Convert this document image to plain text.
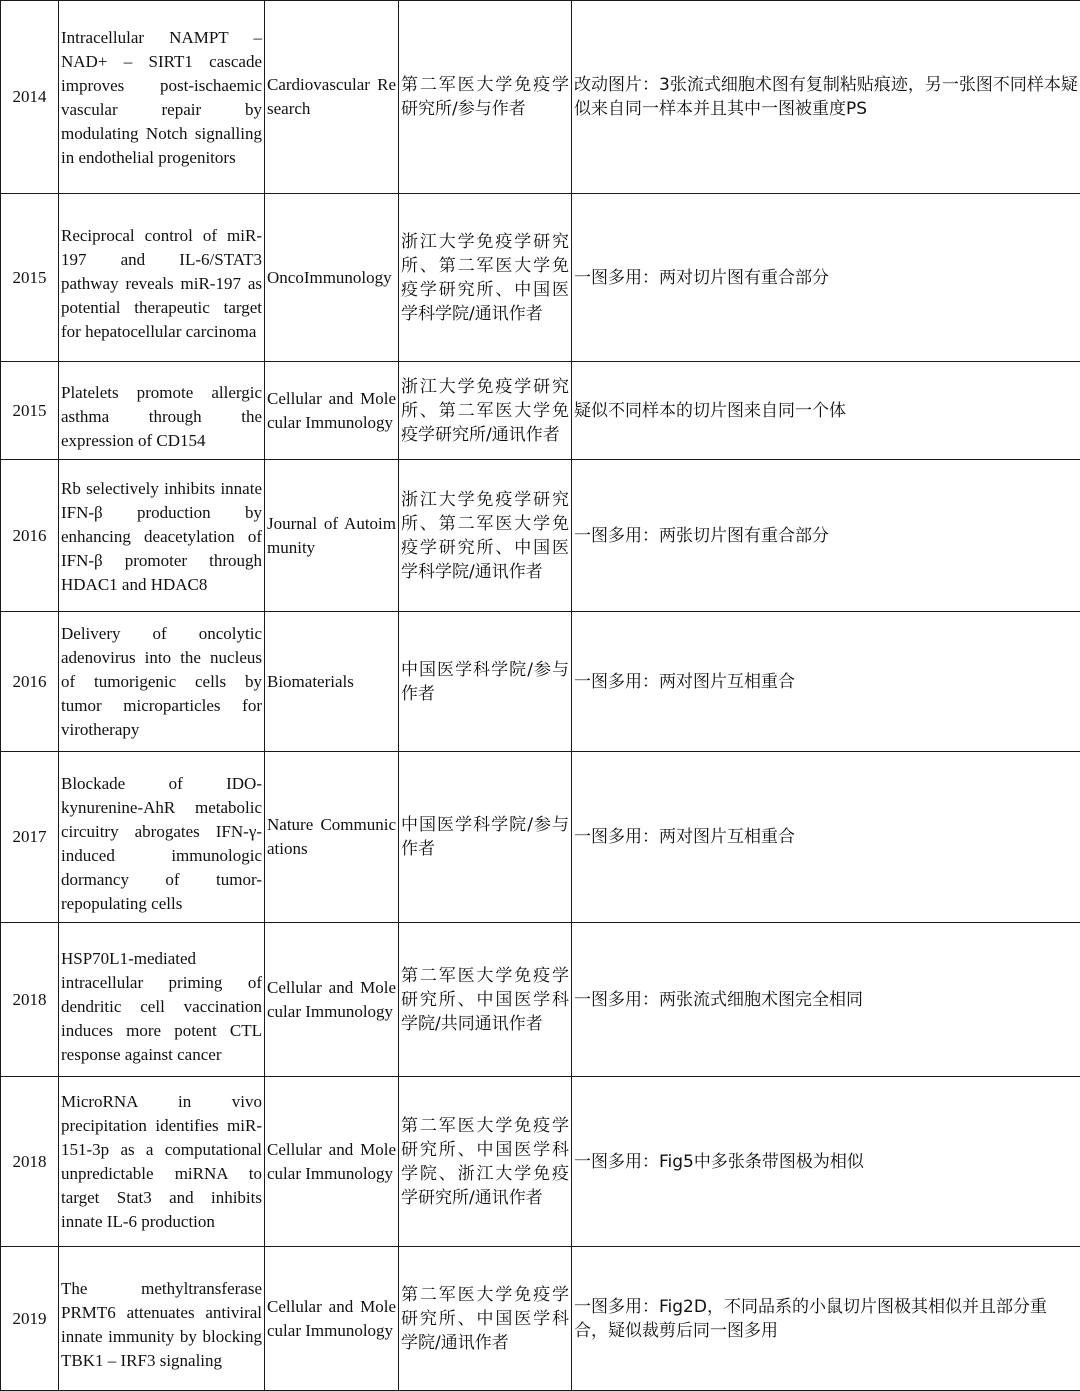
2014	Intracellular NAMPT – NAD+ – SIRT1 cascade improves post-ischaemic vascular repair by modulating Notch signalling in endothelial progenitors	Cardiovascular Research	第二军医大学免疫学研究所/参与作者	改动图片：3张流式细胞术图有复制粘贴痕迹，另一张图不同样本疑似来自同一样本并且其中一图被重度PS
2015	Reciprocal control of miR-197 and IL-6/STAT3 pathway reveals miR-197 as potential therapeutic target for hepatocellular carcinoma	OncoImmunology	浙江大学免疫学研究所、第二军医大学免疫学研究所、中国医学科学院/通讯作者	一图多用：两对切片图有重合部分
2015	Platelets promote allergic asthma through the expression of CD154	Cellular and Molecular Immunology	浙江大学免疫学研究所、第二军医大学免疫学研究所/通讯作者	疑似不同样本的切片图来自同一个体
2016	Rb selectively inhibits innate IFN-β production by enhancing deacetylation of IFN-β promoter through HDAC1 and HDAC8	Journal of Autoimmunity	浙江大学免疫学研究所、第二军医大学免疫学研究所、中国医学科学院/通讯作者	一图多用：两张切片图有重合部分
2016	Delivery of oncolytic adenovirus into the nucleus of tumorigenic cells by tumor microparticles for virotherapy	Biomaterials	中国医学科学院/参与作者	一图多用：两对图片互相重合
2017	Blockade of IDO-kynurenine-AhR metabolic circuitry abrogates IFN-γ-induced immunologic dormancy of tumor-repopulating cells	Nature Communications	中国医学科学院/参与作者	一图多用：两对图片互相重合
2018	HSP70L1-mediated intracellular priming of dendritic cell vaccination induces more potent CTL response against cancer	Cellular and Molecular Immunology	第二军医大学免疫学研究所、中国医学科学院/共同通讯作者	一图多用：两张流式细胞术图完全相同
2018	MicroRNA in vivo precipitation identifies miR-151-3p as a computational unpredictable miRNA to target Stat3 and inhibits innate IL-6 production	Cellular and Molecular Immunology	第二军医大学免疫学研究所、中国医学科学院、浙江大学免疫学研究所/通讯作者	一图多用：Fig5中多张条带图极为相似
2019	The methyltransferase PRMT6 attenuates antiviral innate immunity by blocking TBK1 – IRF3 signaling	Cellular and Molecular Immunology	第二军医大学免疫学研究所、中国医学科学院/通讯作者	一图多用：Fig2D，不同品系的小鼠切片图极其相似并且部分重合，疑似裁剪后同一图多用
